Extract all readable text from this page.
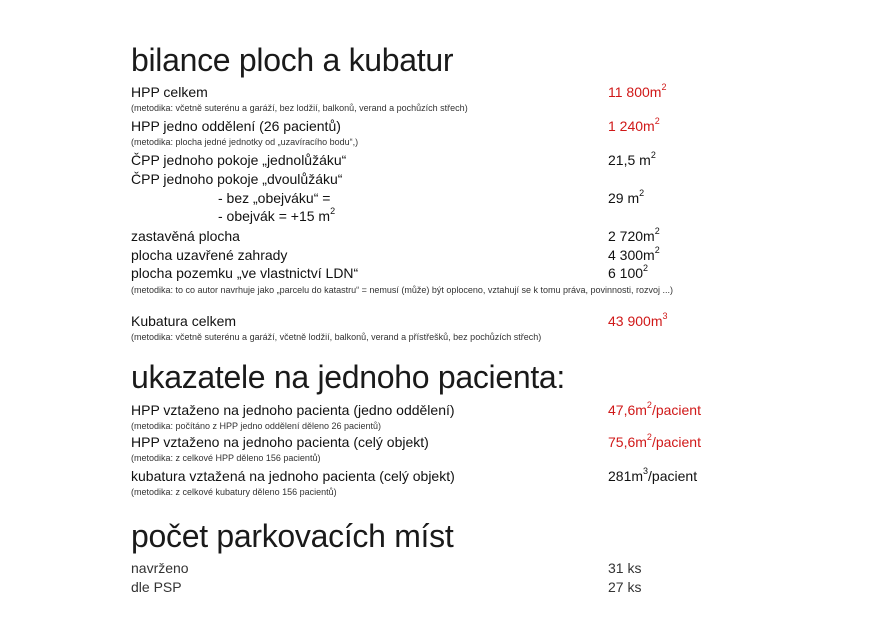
bilance ploch a kubatur
HPP celkem	11 $800m^2$
(metodika: včetně suterénu a garáží, bez lodžií, balkonů, verand a pochůzích střech)
HPP jedno oddělení (26 pacientů)	1 $240m^2$
(metodika: plocha jedné jednotky od „uzavíracího bodu“,)
ČPP jednoho pokoje „jednolůžáku“	21,5 $m^2$
ČPP jednoho pokoje „dvoulůžáku“
- bez „obejváku“ =	29 $m^2$
- obejvák = +15 $m^2$
zastavěná plocha	2 $720m^2$
plocha uzavřené zahrady	4 $300m^2$
plocha pozemku „ve vlastnictví LDN“	6 $100^2$
(metodika: to co autor navrhuje jako „parcelu do katastru“ = nemusí (může) být oploceno, vztahují se k tomu práva, povinnosti, rozvoj ...)
Kubatura celkem	43 $900m^3$
(metodika: včetně suterénu a garáží, včetně lodžií, balkonů, verand a přístřešků, bez pochůzích střech)
ukazatele na jednoho pacienta:
HPP vztaženo na jednoho pacienta (jedno oddělení)	$47,6m^2$/pacient
(metodika: počítáno z HPP jedno oddělení děleno 26 pacientů)
HPP vztaženo na jednoho pacienta (celý objekt)	$75,6m^2$/pacient
(metodika: z celkové HPP děleno 156 pacientů)
kubatura vztažená na jednoho pacienta (celý objekt)	$281m^3$/pacient
(metodika: z celkové kubatury děleno 156 pacientů)
počet parkovacích míst
navrženo	31 ks
dle PSP	27 ks
